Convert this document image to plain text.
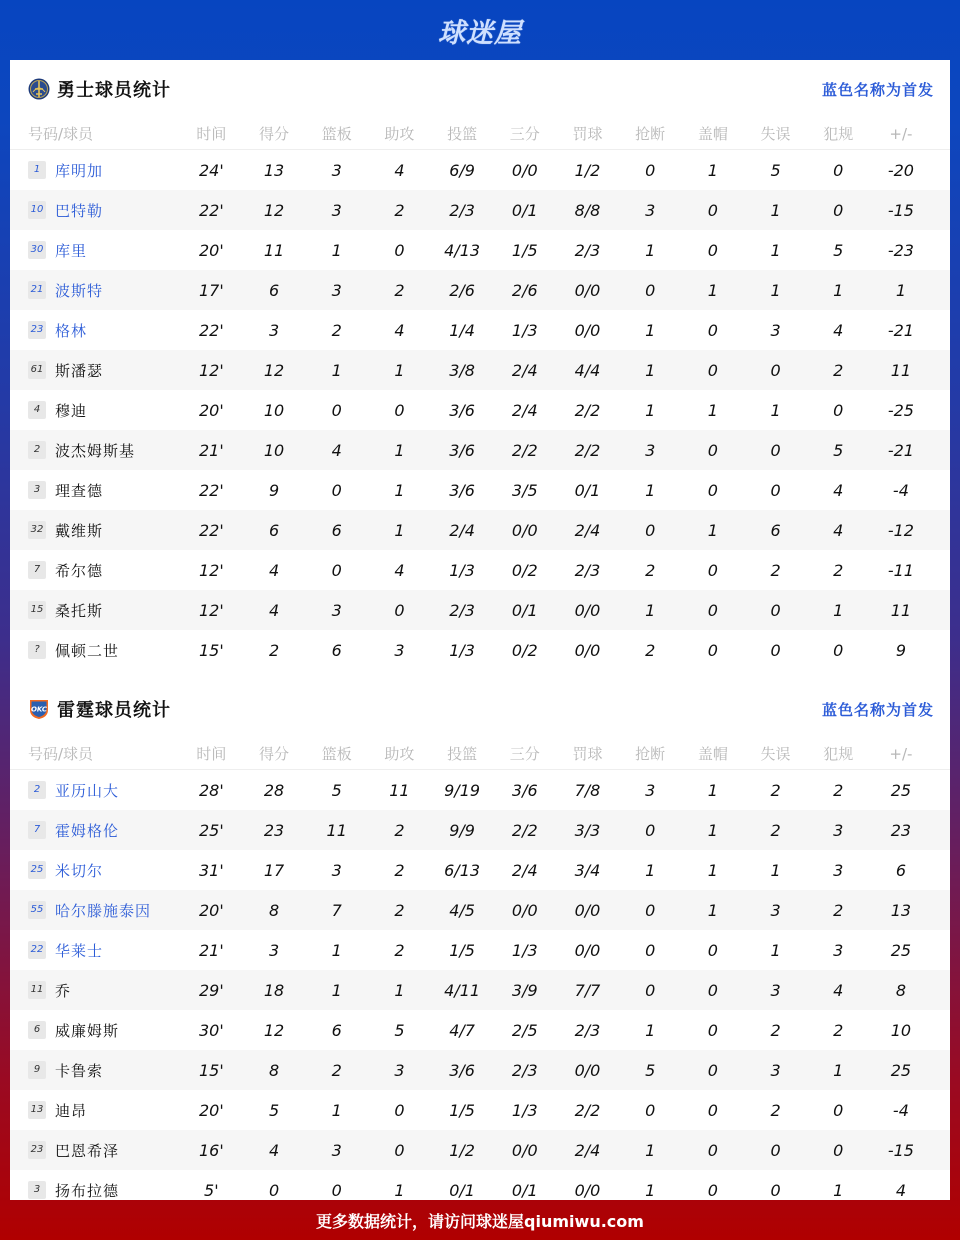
球迷屋
勇士球员统计	蓝色名称为首发
号码/球员	时间	得分	篮板	助攻	投篮	三分	罚球	抢断	盖帽	失误	犯规	+/-
1 库明加	24'	13	3	4	6/9	0/0	1/2	0	1	5	0	-20
10 巴特勒	22'	12	3	2	2/3	0/1	8/8	3	0	1	0	-15
30 库里	20'	11	1	0	4/13	1/5	2/3	1	0	1	5	-23
21 波斯特	17'	6	3	2	2/6	2/6	0/0	0	1	1	1	1
23 格林	22'	3	2	4	1/4	1/3	0/0	1	0	3	4	-21
61 斯潘瑟	12'	12	1	1	3/8	2/4	4/4	1	0	0	2	11
4 穆迪	20'	10	0	0	3/6	2/4	2/2	1	1	1	0	-25
2 波杰姆斯基	21'	10	4	1	3/6	2/2	2/2	3	0	0	5	-21
3 理查德	22'	9	0	1	3/6	3/5	0/1	1	0	0	4	-4
32 戴维斯	22'	6	6	1	2/4	0/0	2/4	0	1	6	4	-12
7 希尔德	12'	4	0	4	1/3	0/2	2/3	2	0	2	2	-11
15 桑托斯	12'	4	3	0	2/3	0/1	0/0	1	0	0	1	11
?	佩顿二世	15'	2	6	3	1/3	0/2	0/0	2	0	0	0	9
OKC 雷霆球员统计	蓝色名称为首发
号码/球员	时间	得分	篮板	助攻	投篮	三分	罚球	抢断	盖帽	失误	犯规	+/-
2 亚历山大	28'	28	5	11	9/19	3/6	7/8	3	1	2	2	25
7 霍姆格伦	25'	23	11	2	9/9	2/2	3/3	0	1	2	3	23
25 米切尔	31'	17	3	2	6/13	2/4	3/4	1	1	1	3	6
55 哈尔滕施泰因	20'	8	7	2	4/5	0/0	0/0	0	1	3	2	13
22 华莱士	21'	3	1	2	1/5	1/3	0/0	0	0	1	3	25
11 乔	29'	18	1	1	4/11	3/9	7/7	0	0	3	4	8
6 威廉姆斯	30'	12	6	5	4/7	2/5	2/3	1	0	2	2	10
9 卡鲁索	15'	8	2	3	3/6	2/3	0/0	5	0	3	1	25
13 迪昂	20'	5	1	0	1/5	1/3	2/2	0	0	2	0	-4
23 巴恩希泽	16'	4	3	0	1/2	0/0	2/4	1	0	0	0	-15
3 扬布拉德	5'	0	0	1	0/1	0/1	0/0	1	0	0	1	4
更多数据统计，请访问球迷屋qiumiwu.com
